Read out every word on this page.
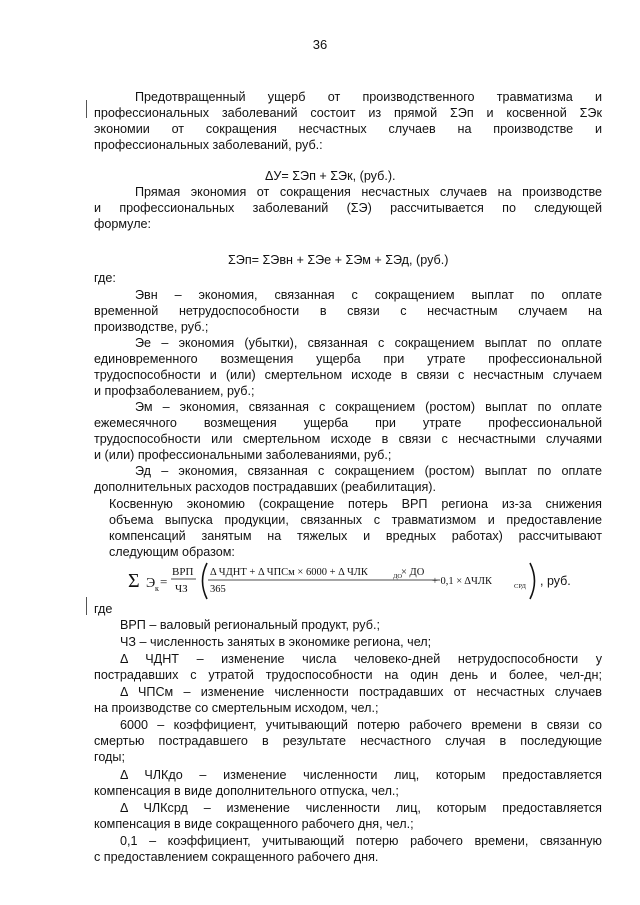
36
Предотвращенный ущерб от производственного травматизма и
профессиональных заболеваний состоит из прямой ΣЭп и косвенной ΣЭк
экономии от сокращения несчастных случаев на производстве и
профессиональных заболеваний, руб.:
ΔУ= ΣЭп + ΣЭк, (руб.).
Прямая экономия от сокращения несчастных случаев на производстве
и профессиональных заболеваний (ΣЭ) рассчитывается по следующей
формуле:
ΣЭп= ΣЭвн + ΣЭе + ΣЭм + ΣЭд, (руб.)
где:
Эвн – экономия, связанная с сокращением выплат по оплате
временной нетрудоспособности в связи с несчастным случаем на
производстве, руб.;
Эе – экономия (убытки), связанная с сокращением выплат по оплате
единовременного возмещения ущерба при утрате профессиональной
трудоспособности и (или) смертельном исходе в связи с несчастным случаем
и профзаболеванием, руб.;
Эм – экономия, связанная с сокращением (ростом) выплат по оплате
ежемесячного возмещения ущерба при утрате профессиональной
трудоспособности или смертельном исходе в связи с несчастными случаями
и (или) профессиональными заболеваниями, руб.;
Эд – экономия, связанная с сокращением (ростом) выплат по оплате
дополнительных расходов пострадавших (реабилитация).
Косвенную экономию (сокращение потерь ВРП региона из-за снижения
объема выпуска продукции, связанных с травматизмом и предоставление
компенсаций занятым на тяжелых и вредных работах) рассчитывают
следующим образом:
где
ВРП – валовый региональный продукт, руб.;
ЧЗ – численность занятых в экономике региона, чел;
Δ ЧДНТ – изменение числа человеко-дней нетрудоспособности у
пострадавших с утратой трудоспособности на один день и более, чел-дн;
Δ ЧПСм – изменение численности пострадавших от несчастных случаев
на производстве со смертельным исходом, чел.;
6000 – коэффициент, учитывающий потерю рабочего времени в связи со
смертью пострадавшего в результате несчастного случая в последующие
годы;
Δ ЧЛКдо – изменение численности лиц, которым предоставляется
компенсация в виде дополнительного отпуска, чел.;
Δ ЧЛКсрд – изменение численности лиц, которым предоставляется
компенсация в виде сокращенного рабочего дня, чел.;
0,1 – коэффициент, учитывающий потерю рабочего времени, связанную
с предоставлением сокращенного рабочего дня.
Σ Э к =
ВРП
ЧЗ
Δ ЧДНТ + Δ ЧПСм × 6000 + Δ ЧЛК	ДО
× ДО
365
+ 0,1 × ΔЧЛК	СРД , руб.
